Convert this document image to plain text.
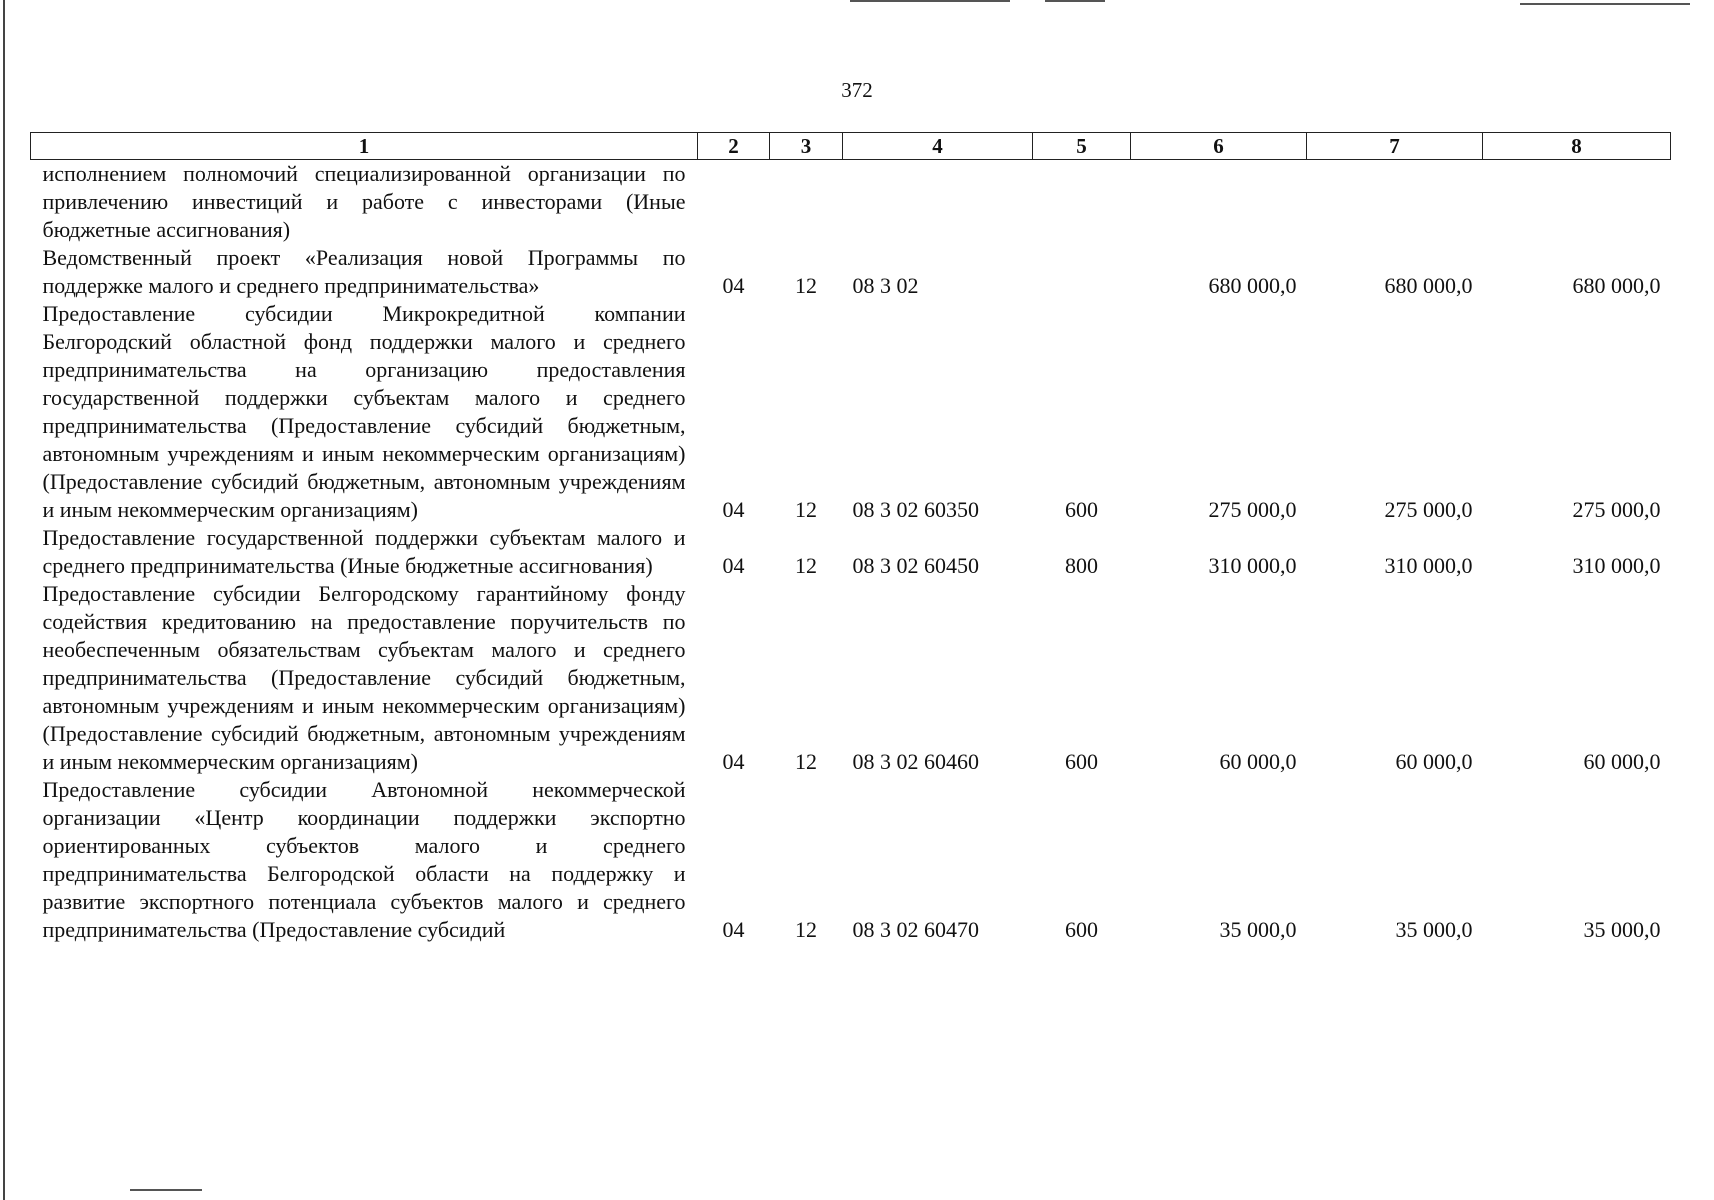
372
1	2	3	4	5	6	7	8
исполнением полномочий специализированной организации по привлечению инвестиций и работе с инвесторами (Иные бюджетные ассигнования)							
Ведомственный проект «Реализация новой Программы по поддержке малого и среднего предпринимательства»	04	12	08 3 02		680 000,0	680 000,0	680 000,0
Предоставление субсидии Микрокредитной компании Белгородский областной фонд поддержки малого и среднего предпринимательства на организацию предоставления государственной поддержки субъектам малого и среднего предпринимательства (Предоставление субсидий бюджетным, автономным учреждениям и иным некоммерческим организациям) (Предоставление субсидий бюджетным, автономным учреждениям и иным некоммерческим организациям)	04	12	08 3 02 60350	600	275 000,0	275 000,0	275 000,0
Предоставление государственной поддержки субъектам малого и среднего предпринимательства (Иные бюджетные ассигнования)	04	12	08 3 02 60450	800	310 000,0	310 000,0	310 000,0
Предоставление субсидии Белгородскому гарантийному фонду содействия кредитованию на предоставление поручительств по необеспеченным обязательствам субъектам малого и среднего предпринимательства (Предоставление субсидий бюджетным, автономным учреждениям и иным некоммерческим организациям) (Предоставление субсидий бюджетным, автономным учреждениям и иным некоммерческим организациям)	04	12	08 3 02 60460	600	60 000,0	60 000,0	60 000,0
Предоставление субсидии Автономной некоммерческой организации «Центр координации поддержки экспортно ориентированных субъектов малого и среднего предпринимательства Белгородской области на поддержку и развитие экспортного потенциала субъектов малого и среднего предпринимательства (Предоставление субсидий	04	12	08 3 02 60470	600	35 000,0	35 000,0	35 000,0
